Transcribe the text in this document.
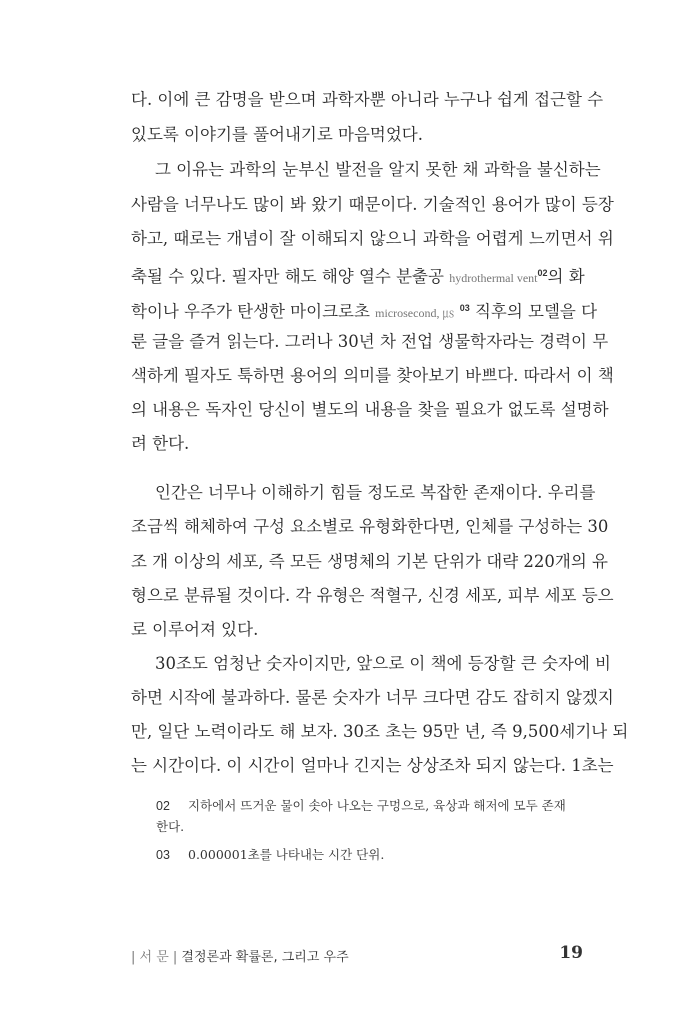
다. 이에 큰 감명을 받으며 과학자뿐 아니라 누구나 쉽게 접근할 수
있도록 이야기를 풀어내기로 마음먹었다.
그 이유는 과학의 눈부신 발전을 알지 못한 채 과학을 불신하는
사람을 너무나도 많이 봐 왔기 때문이다. 기술적인 용어가 많이 등장
하고, 때로는 개념이 잘 이해되지 않으니 과학을 어렵게 느끼면서 위
축될 수 있다. 필자만 해도 해양 열수 분출공 hydrothermal vent$^{02}$의 화
학이나 우주가 탄생한 마이크로초 microsecond, ㎲ $^{03}$ 직후의 모델을 다
룬 글을 즐겨 읽는다. 그러나 30년 차 전업 생물학자라는 경력이 무
색하게 필자도 툭하면 용어의 의미를 찾아보기 바쁘다. 따라서 이 책
의 내용은 독자인 당신이 별도의 내용을 찾을 필요가 없도록 설명하
려 한다.
인간은 너무나 이해하기 힘들 정도로 복잡한 존재이다. 우리를
조금씩 해체하여 구성 요소별로 유형화한다면, 인체를 구성하는 30
조 개 이상의 세포, 즉 모든 생명체의 기본 단위가 대략 220개의 유
형으로 분류될 것이다. 각 유형은 적혈구, 신경 세포, 피부 세포 등으
로 이루어져 있다.
30조도 엄청난 숫자이지만, 앞으로 이 책에 등장할 큰 숫자에 비
하면 시작에 불과하다. 물론 숫자가 너무 크다면 감도 잡히지 않겠지
만, 일단 노력이라도 해 보자. 30조 초는 95만 년, 즉 9,500세기나 되
는 시간이다. 이 시간이 얼마나 긴지는 상상조차 되지 않는다. 1초는
02 지하에서 뜨거운 물이 솟아 나오는 구멍으로, 육상과 해저에 모두 존재
한다.
03 0.000001초를 나타내는 시간 단위.
| 서 문 | 결정론과 확률론, 그리고 우주	19
